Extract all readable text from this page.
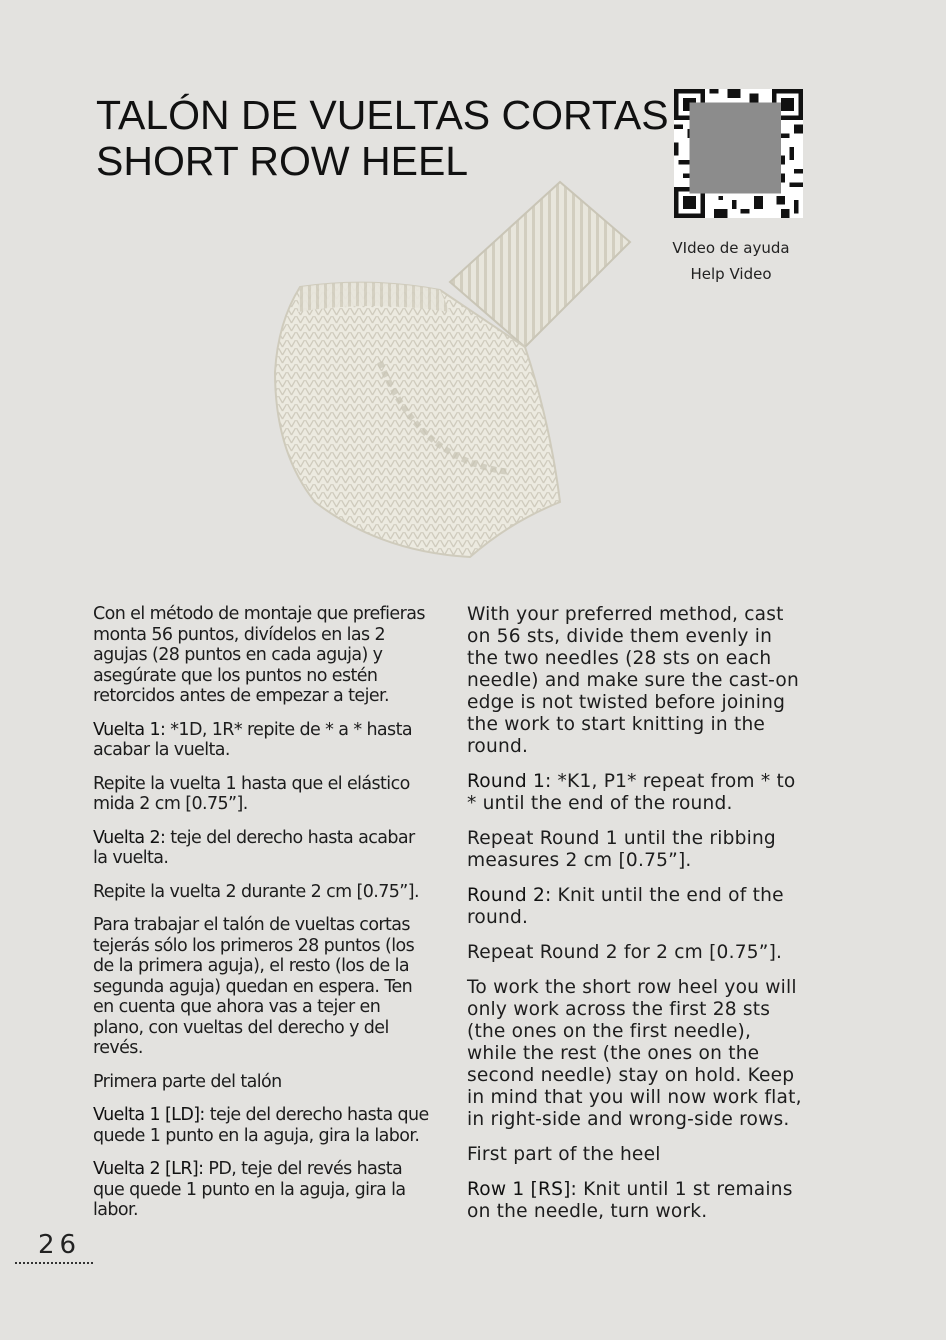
TALÓN DE VUELTAS CORTAS
SHORT ROW HEEL
VIdeo de ayuda
Help Video

Con el método de montaje que prefieras monta 56 puntos, divídelos en las 2 agujas (28 puntos en cada aguja) y asegúrate que los puntos no estén retorcidos antes de empezar a tejer.

Vuelta 1: *1D, 1R* repite de * a * hasta acabar la vuelta.

Repite la vuelta 1 hasta que el elástico mida 2 cm [0.75”].

Vuelta 2: teje del derecho hasta acabar la vuelta.

Repite la vuelta 2 durante 2 cm [0.75”].

Para trabajar el talón de vueltas cortas tejerás sólo los primeros 28 puntos (los de la primera aguja), el resto (los de la segunda aguja) quedan en espera. Ten en cuenta que ahora vas a tejer en plano, con vueltas del derecho y del revés.

Primera parte del talón

Vuelta 1 [LD]: teje del derecho hasta que quede 1 punto en la aguja, gira la labor.

Vuelta 2 [LR]: PD, teje del revés hasta que quede 1 punto en la aguja, gira la labor.

With your preferred method, cast on 56 sts, divide them evenly in the two needles (28 sts on each needle) and make sure the cast-on edge is not twisted before joining the work to start knitting in the round.

Round 1: *K1, P1* repeat from * to * until the end of the round.

Repeat Round 1 until the ribbing measures 2 cm [0.75”].

Round 2: Knit until the end of the round.

Repeat Round 2 for 2 cm [0.75”].

To work the short row heel you will only work across the first 28 sts (the ones on the first needle), while the rest (the ones on the second needle) stay on hold. Keep in mind that you will now work flat, in right-side and wrong-side rows.

First part of the heel

Row 1 [RS]: Knit until 1 st remains on the needle, turn work.

26
